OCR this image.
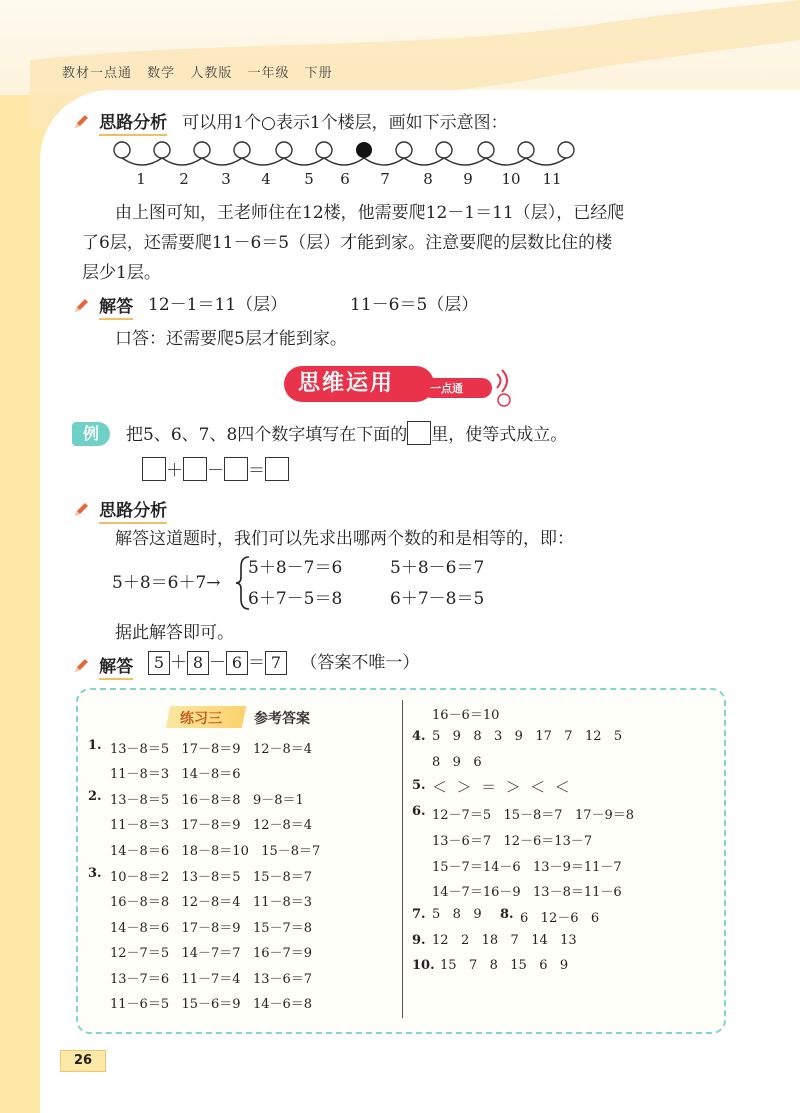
教材一点通 数学 人教版 一年级 下册
思路分析 可以用1个○表示1个楼层，画如下示意图：
1	2	3	4	5	6	7	8	9	10 11
由上图可知，王老师住在12楼，他需要爬12－1＝11（层），已经爬
了6层，还需要爬11－6＝5（层）才能到家。注意要爬的层数比住的楼
层少1层。
解答 12－1＝11（层）	11－6＝5（层）
口答：还需要爬5层才能到家。
思维运用	一点通
例	把5、6、7、8四个数字填写在下面的 里，使等式成立。
＋ － ＝
思路分析
解答这道题时，我们可以先求出哪两个数的和是相等的，即：
5＋8＝6＋7→
5＋8－7＝6	5＋8－6＝7
6＋7－5＝8	6＋7－8＝5
据此解答即可。
解答	5 ＋ 8 － 6 ＝ 7 （答案不唯一）
练习三 参考答案
1. 13－8＝5   17－8＝9   12－8＝4
11－8＝3   14－8＝6
2. 13－8＝5   16－8＝8   9－8＝1
11－8＝3   17－8＝9   12－8＝4
14－8＝6   18－8＝10   15－8＝7
3. 10－8＝2   13－8＝5   15－8＝7
16－8＝8   12－8＝4   11－8＝3
14－8＝6   17－8＝9   15－7＝8
12－7＝5   14－7＝7   16－7＝9
13－7＝6   11－7＝4   13－6＝7
11－6＝5   15－6＝9   14－6＝8
16－6＝10
4. 5   9   8   3   9   17   7   12   5
8   9   6
5. ＜  ＞  ＝  ＞  ＜  ＜
6. 12－7＝5   15－8＝7   17－9＝8
13－6＝7   12－6＝13－7
15－7＝14－6   13－9＝11－7
14－7＝16－9   13－8＝11－6
7. 5   8   9 8. 6   12－6   6
9. 12   2   18   7   14   13
10. 15   7   8   15   6   9
26
